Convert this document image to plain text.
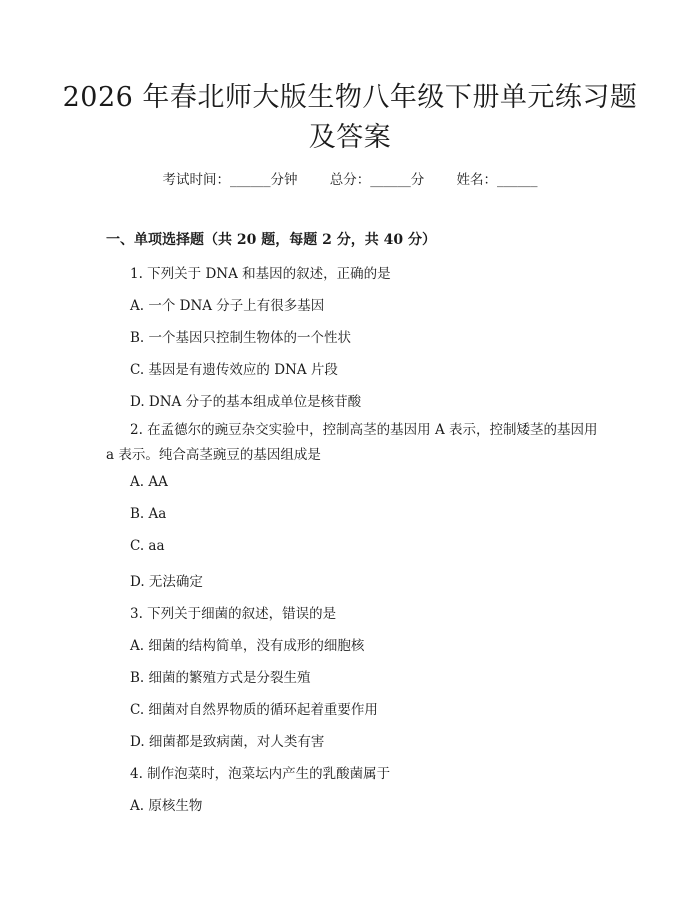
2026 年春北师大版生物八年级下册单元练习题及答案
考试时间：______分钟 总分：______分 姓名：______
一、单项选择题（共 20 题，每题 2 分，共 40 分）
1. 下列关于 DNA 和基因的叙述，正确的是
A. 一个 DNA 分子上有很多基因
B. 一个基因只控制生物体的一个性状
C. 基因是有遗传效应的 DNA 片段
D. DNA 分子的基本组成单位是核苷酸
2. 在孟德尔的豌豆杂交实验中，控制高茎的基因用 A 表示，控制矮茎的基因用 a 表示。纯合高茎豌豆的基因组成是
A. AA
B. Aa
C. aa
D. 无法确定
3. 下列关于细菌的叙述，错误的是
A. 细菌的结构简单，没有成形的细胞核
B. 细菌的繁殖方式是分裂生殖
C. 细菌对自然界物质的循环起着重要作用
D. 细菌都是致病菌，对人类有害
4. 制作泡菜时，泡菜坛内产生的乳酸菌属于
A. 原核生物
